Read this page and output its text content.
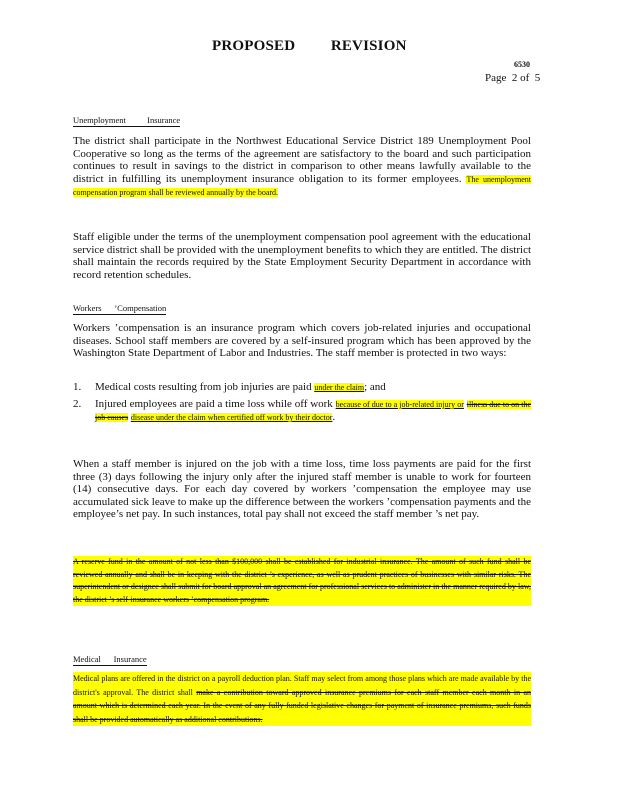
PROPOSED         REVISION
6530
Page  2 of  5
Unemployment          Insurance
The district shall participate in the Northwest Educational Service District 189 Unemployment Pool Cooperative so long as the terms of the agreement are satisfactory to the board and such participation continues to result in savings to the district in comparison to other means lawfully available to the district in fulfilling its unemployment insurance obligation to its former employees. The unemployment compensation program shall be reviewed annually by the board.
Staff eligible under the terms of the unemployment compensation pool agreement with the educational service district shall be provided with the unemployment benefits to which they are entitled. The district shall maintain the records required by the State Employment Security Department in accordance with record retention schedules.
Workers      ’Compensation
Workers ’compensation is an insurance program which covers job-related injuries and occupational diseases. School staff members are covered by a self-insured program which has been approved by the Washington State Department of Labor and Industries. The staff member is protected in two ways:
1.	Medical costs resulting from job injuries are paid under the claim; and
2.	Injured employees are paid a time loss while off work because of due to a job-related injury or illness due to on the job causes disease under the claim when certified off work by their doctor.
When a staff member is injured on the job with a time loss, time loss payments are paid for the first three (3) days following the injury only after the injured staff member is unable to work for fourteen (14) consecutive days. For each day covered by workers ’compensation the employee may use accumulated sick leave to make up the difference between the workers ’compensation payments and the employee’s net pay. In such instances, total pay shall not exceed the staff member ’s net pay.
A reserve fund in the amount of not less than $100,000 shall be established for industrial insurance. The amount of such fund shall be reviewed annually and shall be in keeping with the district ’s experience, as well as prudent practices of businesses with similar risks. The superintendent or designee shall submit for board approval an agreement for professional services to administer in the manner required by law, the district ’s self-insurance workers ’compensation program.
Medical      Insurance
Medical plans are offered in the district on a payroll deduction plan. Staff may select from among those plans which are made available by the district's approval. The district shall make a contribution toward approved insurance premiums for each staff member each month in an amount which is determined each year. In the event of any fully funded legislative changes for payment of insurance premiums, such funds shall be provided automatically as additional contributions.
